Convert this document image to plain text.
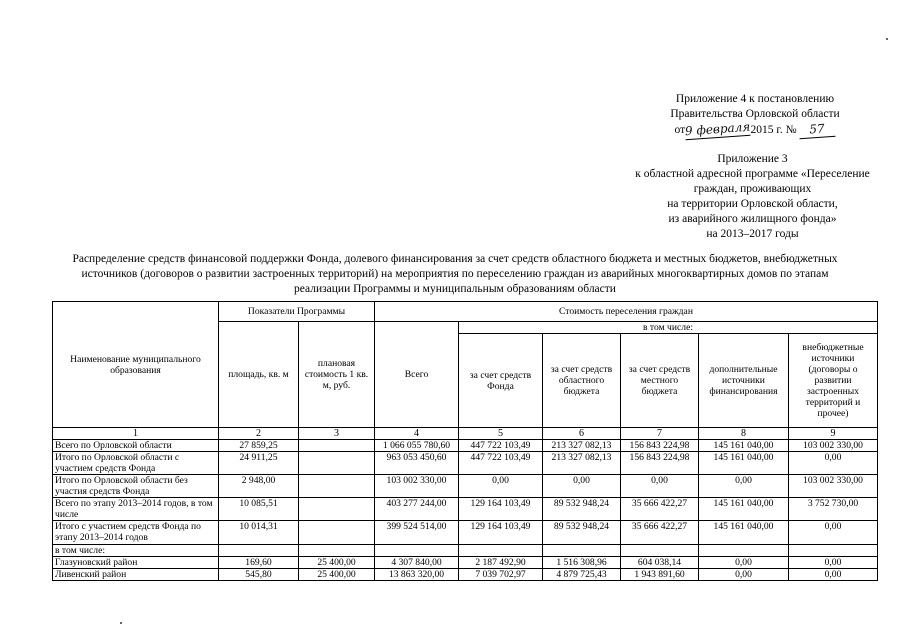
Приложение 4 к постановлению
Правительства Орловской области
от9 февраля2015 г. № 57
Приложение 3
к областной адресной программе «Переселение
граждан, проживающих
на территории Орловской области,
из аварийного жилищного фонда»
на 2013–2017 годы
Распределение средств финансовой поддержки Фонда, долевого финансирования за счет средств областного бюджета и местных бюджетов, внебюджетных
источников (договоров о развитии застроенных территорий) на мероприятия по переселению граждан из аварийных многоквартирных домов по этапам
реализации Программы и муниципальным образованиям области
Наименование муниципального образования	Показатели Программы		Стоимость переселения граждан					
	площадь, кв. м	плановая стоимость 1 кв. м, руб.	Всего	в том числе:				
				за счет средств Фонда	за счет средств областного бюджета	за счет средств местного бюджета	дополнительные источники финансирования	внебюджетные источники (договоры о развитии застроенных территорий и прочее)
1	2	3	4	5	6	7	8	9
Всего по Орловской области	27 859,25		1 066 055 780,60	447 722 103,49	213 327 082,13	156 843 224,98	145 161 040,00	103 002 330,00
Итого по Орловской области с участием средств Фонда	24 911,25		963 053 450,60	447 722 103,49	213 327 082,13	156 843 224,98	145 161 040,00	0,00
Итого по Орловской области без участия средств Фонда	2 948,00		103 002 330,00	0,00	0,00	0,00	0,00	103 002 330,00
Всего по этапу 2013–2014 годов, в том числе	10 085,51		403 277 244,00	129 164 103,49	89 532 948,24	35 666 422,27	145 161 040,00	3 752 730,00
Итого с участием средств Фонда по этапу 2013–2014 годов	10 014,31		399 524 514,00	129 164 103,49	89 532 948,24	35 666 422,27	145 161 040,00	0,00
в том числе:								
Глазуновский район	169,60	25 400,00	4 307 840,00	2 187 492,90	1 516 308,96	604 038,14	0,00	0,00
Ливенский район	545,80	25 400,00	13 863 320,00	7 039 702,97	4 879 725,43	1 943 891,60	0,00	0,00
